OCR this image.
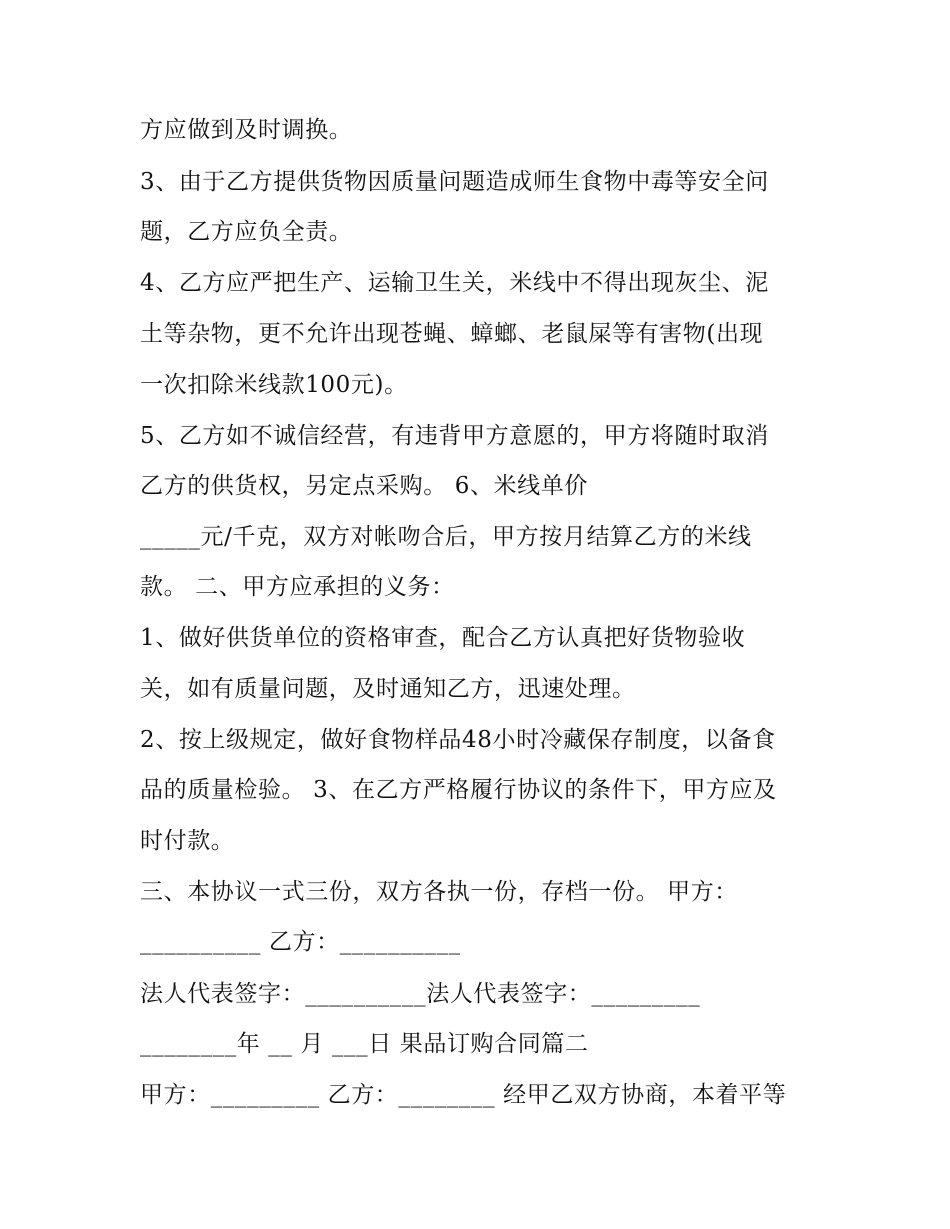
方应做到及时调换。
3、由于乙方提供货物因质量问题造成师生食物中毒等安全问
题，乙方应负全责。
4、乙方应严把生产、运输卫生关，米线中不得出现灰尘、泥
土等杂物，更不允许出现苍蝇、蟑螂、老鼠屎等有害物(出现
一次扣除米线款100元)。
5、乙方如不诚信经营，有违背甲方意愿的，甲方将随时取消
乙方的供货权，另定点采购。 6、米线单价
_____元/千克，双方对帐吻合后，甲方按月结算乙方的米线
款。 二、甲方应承担的义务：
1、做好供货单位的资格审查，配合乙方认真把好货物验收
关，如有质量问题，及时通知乙方，迅速处理。
2、按上级规定，做好食物样品48小时冷藏保存制度，以备食
品的质量检验。 3、在乙方严格履行协议的条件下，甲方应及
时付款。
三、本协议一式三份，双方各执一份，存档一份。 甲方：
__________ 乙方：__________
法人代表签字：__________法人代表签字：_________
________年 __ 月 ___日 果品订购合同篇二
甲方：_________ 乙方：________ 经甲乙双方协商，本着平等
